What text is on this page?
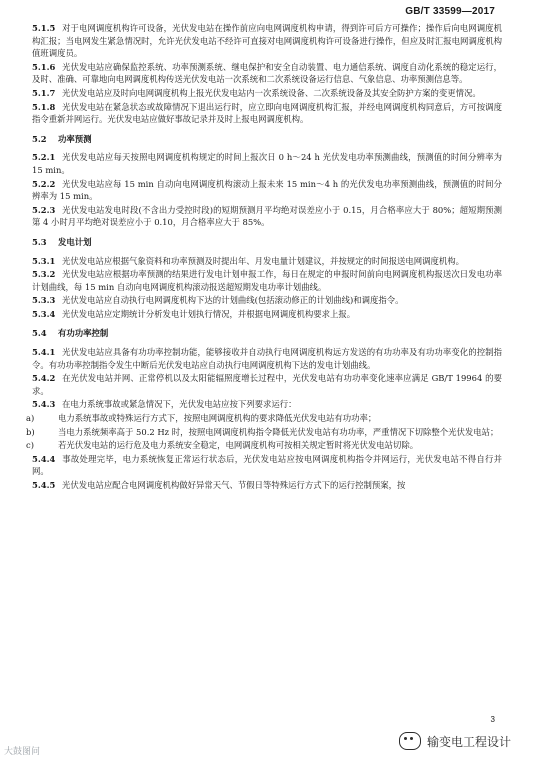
GB/T 33599—2017

5.1.5 对于电网调度机构许可设备，光伏发电站在操作前应向电网调度机构申请，得到许可后方可操作；操作后向电网调度机构汇报；当电网发生紧急情况时，允许光伏发电站不经许可直接对电网调度机构许可设备进行操作，但应及时汇报电网调度机构值班调度员。

5.1.6 光伏发电站应确保监控系统、功率预测系统、继电保护和安全自动装置、电力通信系统、调度自动化系统的稳定运行，及时、准确、可靠地向电网调度机构传送光伏发电站一次系统和二次系统设备运行信息、气象信息、功率预测信息等。

5.1.7 光伏发电站应及时向电网调度机构上报光伏发电站内一次系统设备、二次系统设备及其安全防护方案的变更情况。

5.1.8 光伏发电站在紧急状态或故障情况下退出运行时，应立即向电网调度机构汇报，并经电网调度机构同意后，方可按调度指令重新并网运行。光伏发电站应做好事故记录并及时上报电网调度机构。

5.2 功率预测

5.2.1 光伏发电站应每天按照电网调度机构规定的时间上报次日 0 h～24 h 光伏发电功率预测曲线，预测值的时间分辨率为 15 min。

5.2.2 光伏发电站应每 15 min 自动向电网调度机构滚动上报未来 15 min～4 h 的光伏发电功率预测曲线，预测值的时间分辨率为 15 min。

5.2.3 光伏发电站发电时段(不含出力受控时段)的短期预测月平均绝对误差应小于 0.15，月合格率应大于 80%；超短期预测第 4 小时月平均绝对误差应小于 0.10，月合格率应大于 85%。

5.3 发电计划

5.3.1 光伏发电站应根据气象资料和功率预测及时提出年、月发电量计划建议，并按规定的时间报送电网调度机构。

5.3.2 光伏发电站应根据功率预测的结果进行发电计划申报工作，每日在规定的申报时间前向电网调度机构报送次日发电功率计划曲线，每 15 min 自动向电网调度机构滚动报送超短期发电功率计划曲线。

5.3.3 光伏发电站应自动执行电网调度机构下达的计划曲线(包括滚动修正的计划曲线)和调度指令。

5.3.4 光伏发电站应定期统计分析发电计划执行情况，并根据电网调度机构要求上报。

5.4 有功功率控制

5.4.1 光伏发电站应具备有功功率控制功能，能够接收并自动执行电网调度机构远方发送的有功功率及有功功率变化的控制指令。有功功率控制指令发生中断后光伏发电站应自动执行电网调度机构下达的发电计划曲线。

5.4.2 在光伏发电站并网、正常停机以及太阳能辐照度增长过程中，光伏发电站有功功率变化速率应满足 GB/T 19964 的要求。

5.4.3 在电力系统事故或紧急情况下，光伏发电站应按下列要求运行：

a)	电力系统事故或特殊运行方式下，按照电网调度机构的要求降低光伏发电站有功功率；
b)	当电力系统频率高于 50.2 Hz 时，按照电网调度机构指令降低光伏发电站有功功率，严重情况下切除整个光伏发电站；
c)	若光伏发电站的运行危及电力系统安全稳定，电网调度机构可按相关规定暂时将光伏发电站切除。

5.4.4 事故处理完毕，电力系统恢复正常运行状态后，光伏发电站应按电网调度机构指令并网运行，光伏发电站不得自行并网。

5.4.5 光伏发电站应配合电网调度机构做好异常天气、节假日等特殊运行方式下的运行控制预案，按

3
大鼓图问
输变电工程设计
